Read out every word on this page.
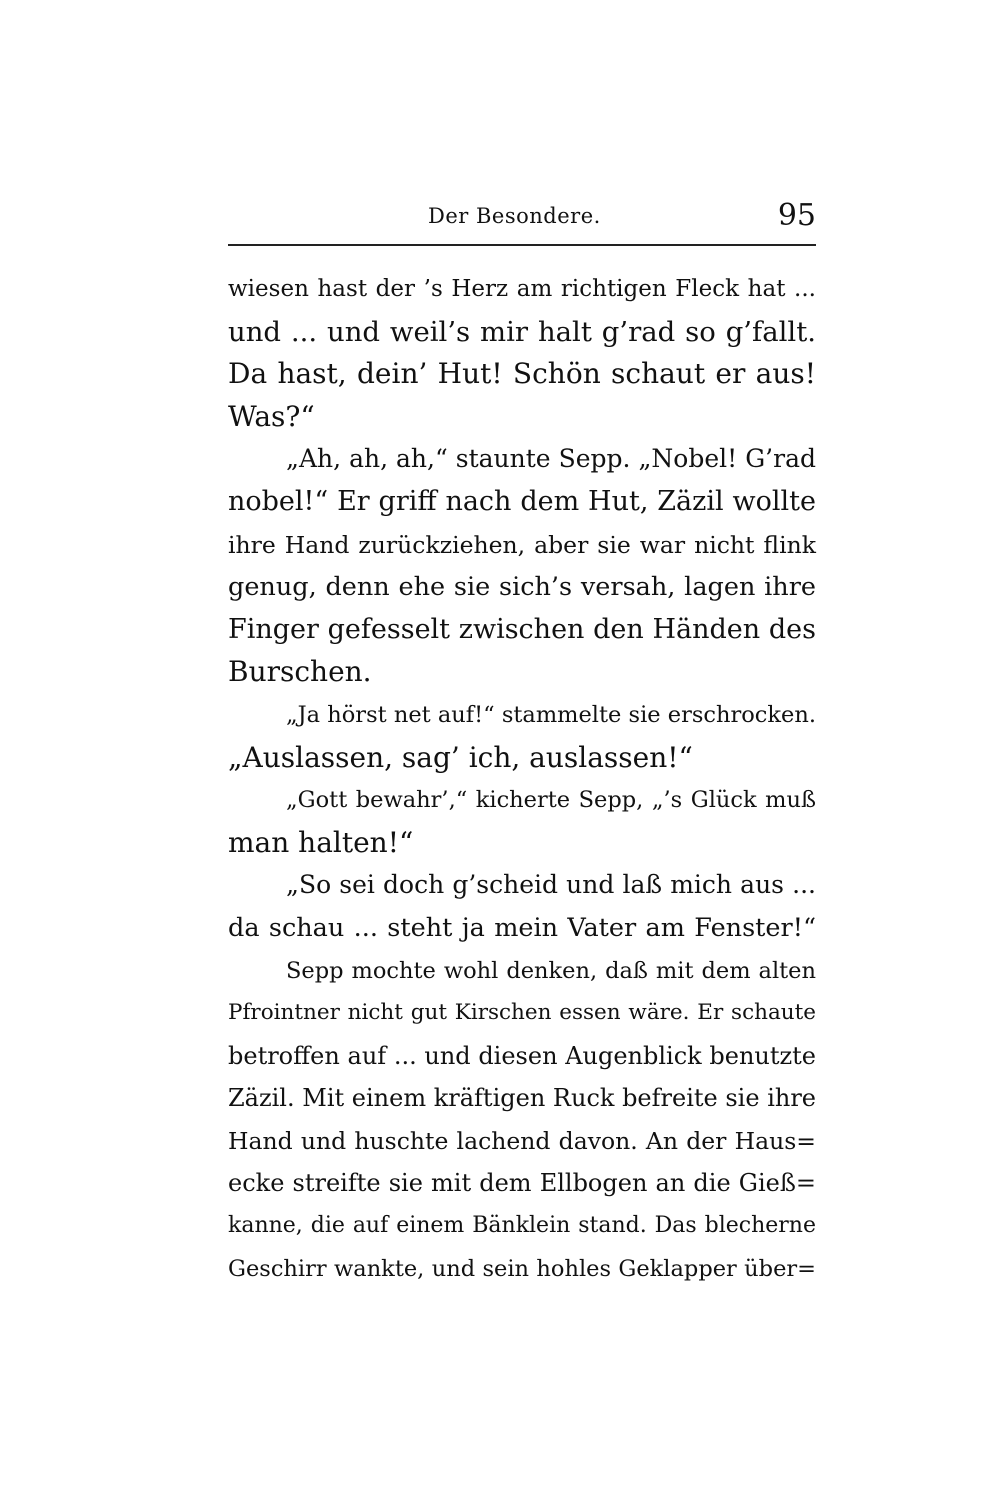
Der Besondere.	95
wiesen hast der ’s Herz am richtigen Fleck hat ...
und ... und weil’s mir halt g’rad so g’fallt.
Da hast, dein’ Hut! Schön schaut er aus!
Was?“
„Ah, ah, ah,“ staunte Sepp. „Nobel! G’rad
nobel!“ Er griff nach dem Hut, Zäzil wollte
ihre Hand zurückziehen, aber sie war nicht flink
genug, denn ehe sie sich’s versah, lagen ihre
Finger gefesselt zwischen den Händen des
Burschen.
„Ja hörst net auf!“ stammelte sie erschrocken.
„Auslassen, sag’ ich, auslassen!“
„Gott bewahr’,“ kicherte Sepp, „’s Glück muß
man halten!“
„So sei doch g’scheid und laß mich aus ...
da schau ... steht ja mein Vater am Fenster!“
Sepp mochte wohl denken, daß mit dem alten
Pfrointner nicht gut Kirschen essen wäre. Er schaute
betroffen auf ... und diesen Augenblick benutzte
Zäzil. Mit einem kräftigen Ruck befreite sie ihre
Hand und huschte lachend davon. An der Haus=
ecke streifte sie mit dem Ellbogen an die Gieß=
kanne, die auf einem Bänklein stand. Das blecherne
Geschirr wankte, und sein hohles Geklapper über=
